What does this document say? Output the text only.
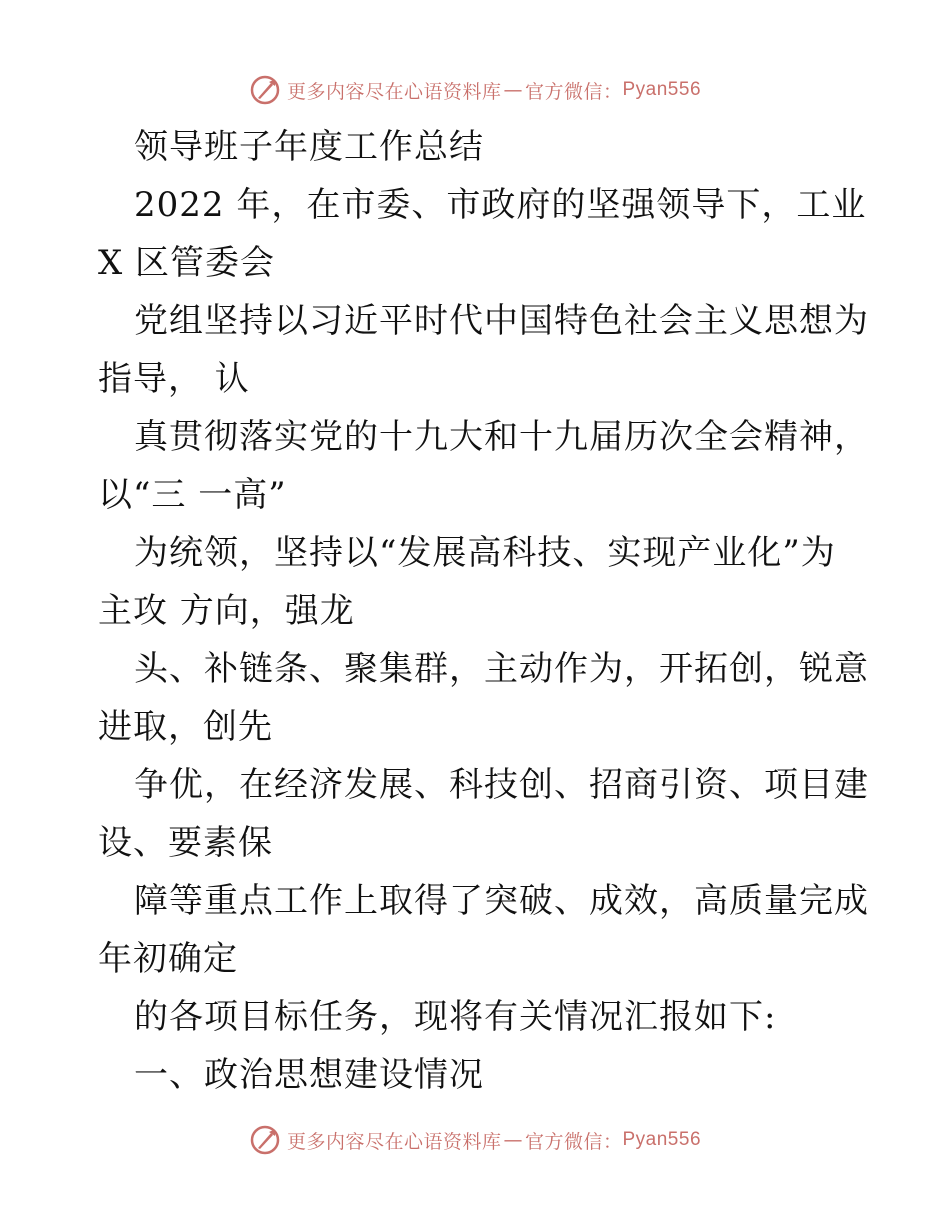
更多内容尽在心语资料库 — 官方微信： Pyan556
领导班子年度工作总结
2022 年，在市委、市政府的坚强领导下，工业
X 区管委会
党组坚持以习近平时代中国特色社会主义思想为
指导， 认
真贯彻落实党的十九大和十九届历次全会精神，
以“三 一高”
为统领，坚持以“发展高科技、实现产业化”为
主攻 方向，强龙
头、补链条、聚集群，主动作为，开拓创，锐意
进取，创先
争优，在经济发展、科技创、招商引资、项目建
设、要素保
障等重点工作上取得了突破、成效，高质量完成
年初确定
的各项目标任务，现将有关情况汇报如下:
一、政治思想建设情况
更多内容尽在心语资料库 — 官方微信： Pyan556
